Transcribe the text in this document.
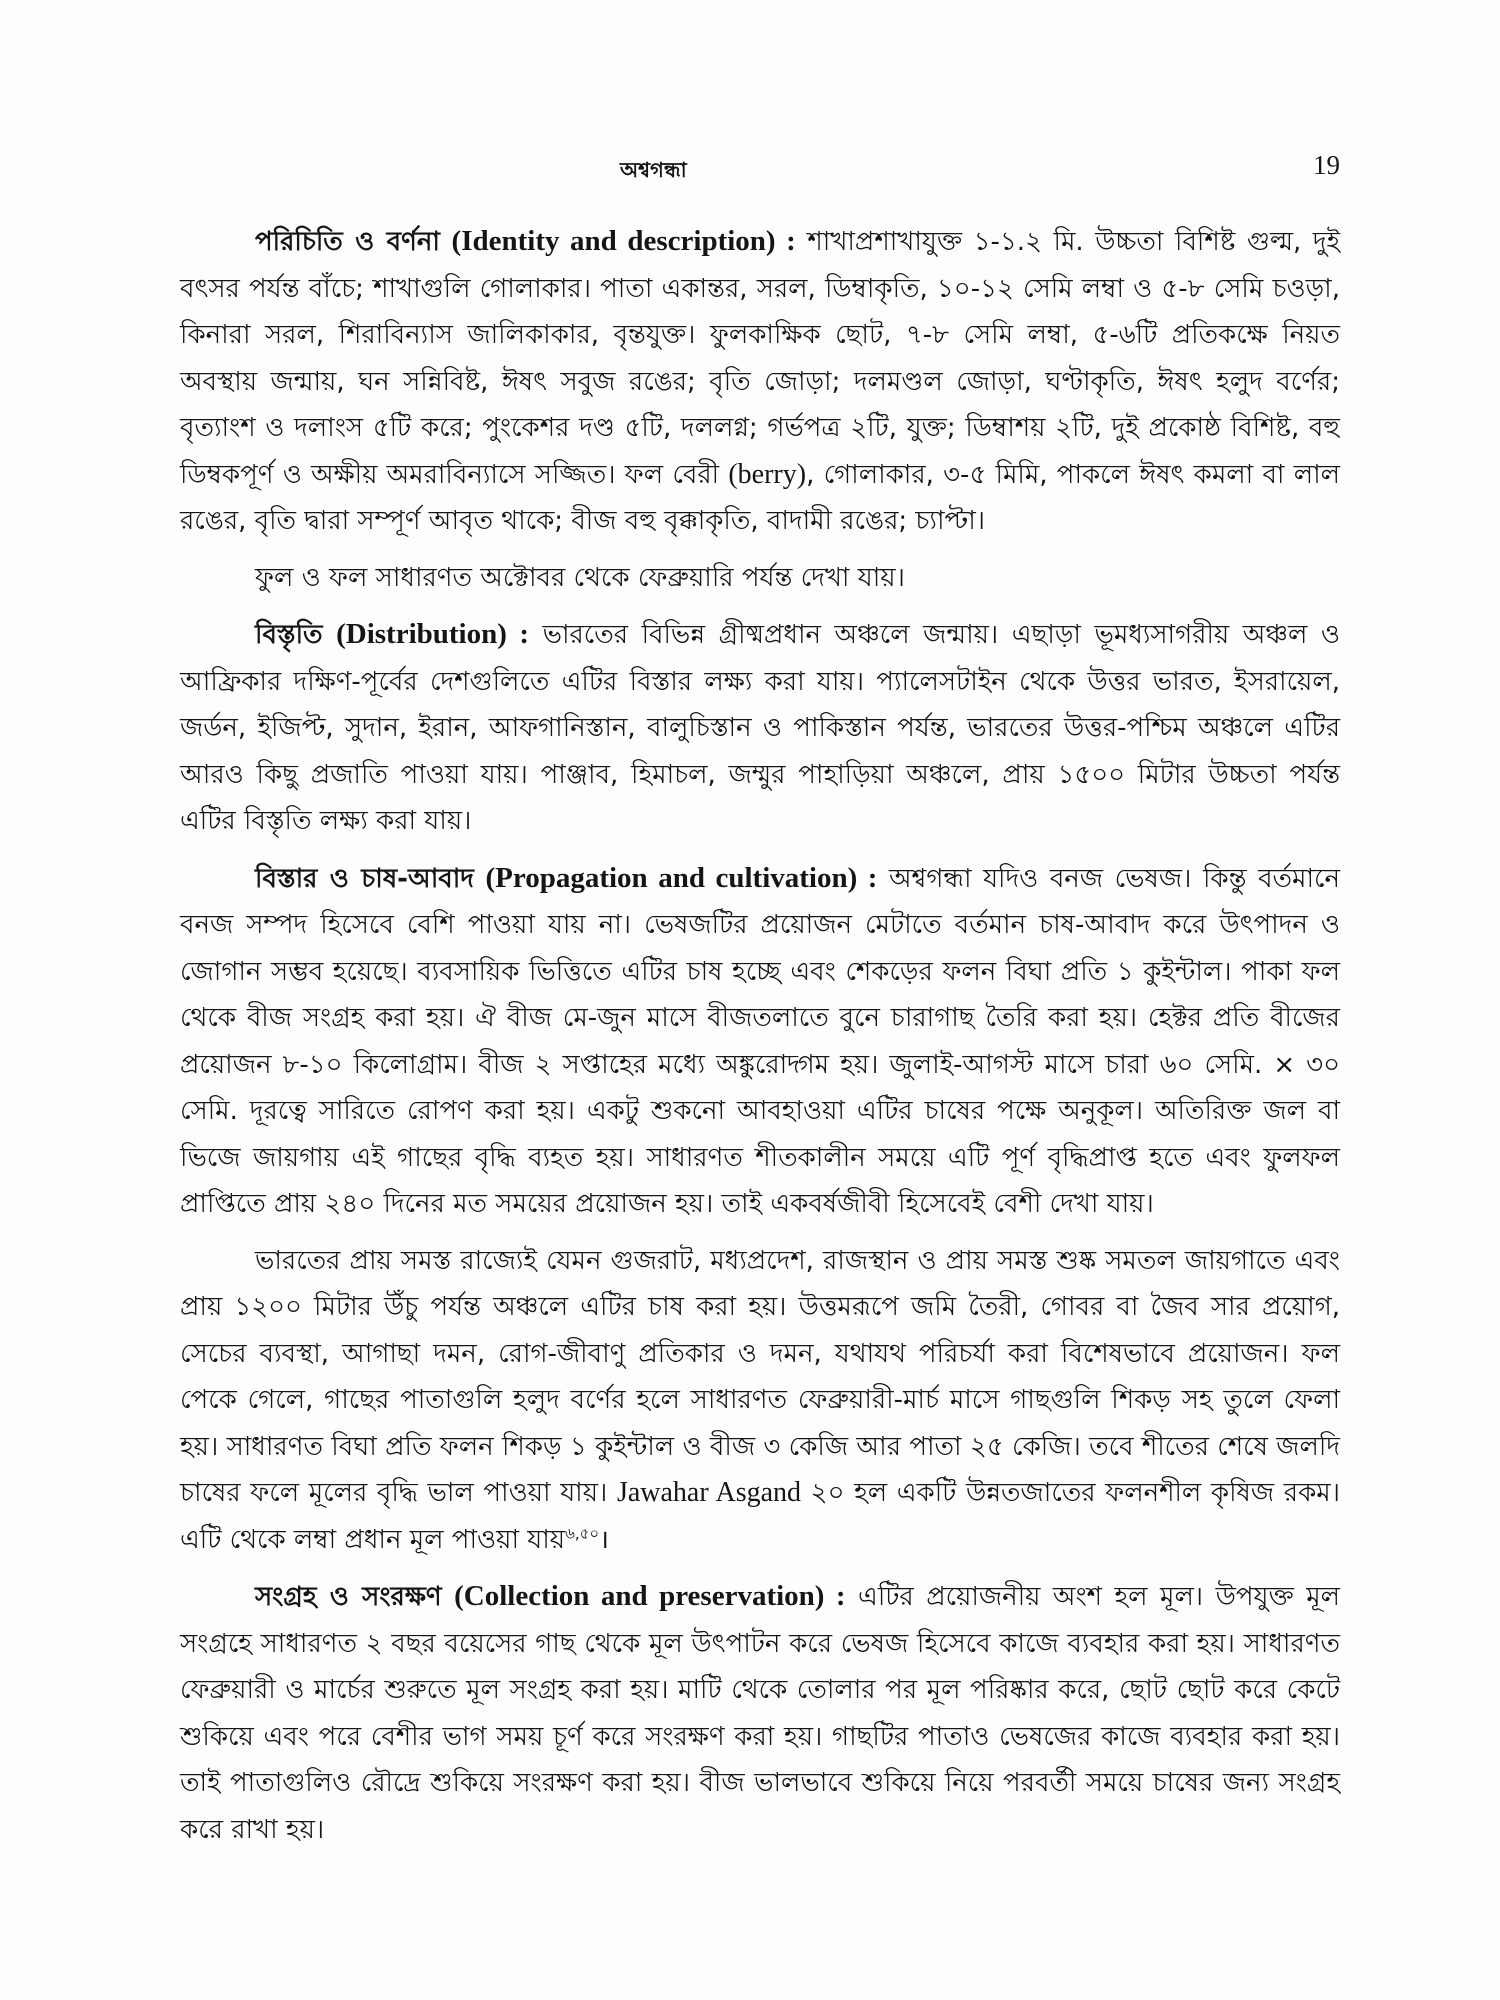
অশ্বগন্ধা	19

পরিচিতি ও বর্ণনা (Identity and description) : শাখাপ্রশাখাযুক্ত ১-১.২ মি. উচ্চতা বিশিষ্ট গুল্ম, দুই বৎসর পর্যন্ত বাঁচে; শাখাগুলি গোলাকার। পাতা একান্তর, সরল, ডিম্বাকৃতি, ১০-১২ সেমি লম্বা ও ৫-৮ সেমি চওড়া, কিনারা সরল, শিরাবিন্যাস জালিকাকার, বৃন্তযুক্ত। ফুলকাক্ষিক ছোট, ৭-৮ সেমি লম্বা, ৫-৬টি প্রতিকক্ষে নিয়ত অবস্থায় জন্মায়, ঘন সন্নিবিষ্ট, ঈষৎ সবুজ রঙের; বৃতি জোড়া; দলমণ্ডল জোড়া, ঘণ্টাকৃতি, ঈষৎ হলুদ বর্ণের; বৃত্যাংশ ও দলাংস ৫টি করে; পুংকেশর দণ্ড ৫টি, দললগ্ন; গর্ভপত্র ২টি, যুক্ত; ডিম্বাশয় ২টি, দুই প্রকোষ্ঠ বিশিষ্ট, বহু ডিম্বকপূর্ণ ও অক্ষীয় অমরাবিন্যাসে সজ্জিত। ফল বেরী (berry), গোলাকার, ৩-৫ মিমি, পাকলে ঈষৎ কমলা বা লাল রঙের, বৃতি দ্বারা সম্পূর্ণ আবৃত থাকে; বীজ বহু বৃক্কাকৃতি, বাদামী রঙের; চ্যাপ্টা।

ফুল ও ফল সাধারণত অক্টোবর থেকে ফেব্রুয়ারি পর্যন্ত দেখা যায়।

বিস্তৃতি (Distribution) : ভারতের বিভিন্ন গ্রীষ্মপ্রধান অঞ্চলে জন্মায়। এছাড়া ভূমধ্যসাগরীয় অঞ্চল ও আফ্রিকার দক্ষিণ-পূর্বের দেশগুলিতে এটির বিস্তার লক্ষ্য করা যায়। প্যালেসটাইন থেকে উত্তর ভারত, ইসরায়েল, জর্ডন, ইজিপ্ট, সুদান, ইরান, আফগানিস্তান, বালুচিস্তান ও পাকিস্তান পর্যন্ত, ভারতের উত্তর-পশ্চিম অঞ্চলে এটির আরও কিছু প্রজাতি পাওয়া যায়। পাঞ্জাব, হিমাচল, জম্মুর পাহাড়িয়া অঞ্চলে, প্রায় ১৫০০ মিটার উচ্চতা পর্যন্ত এটির বিস্তৃতি লক্ষ্য করা যায়।

বিস্তার ও চাষ-আবাদ (Propagation and cultivation) : অশ্বগন্ধা যদিও বনজ ভেষজ। কিন্তু বর্তমানে বনজ সম্পদ হিসেবে বেশি পাওয়া যায় না। ভেষজটির প্রয়োজন মেটাতে বর্তমান চাষ-আবাদ করে উৎপাদন ও জোগান সম্ভব হয়েছে। ব্যবসায়িক ভিত্তিতে এটির চাষ হচ্ছে এবং শেকড়ের ফলন বিঘা প্রতি ১ কুইন্টাল। পাকা ফল থেকে বীজ সংগ্রহ করা হয়। ঐ বীজ মে-জুন মাসে বীজতলাতে বুনে চারাগাছ তৈরি করা হয়। হেক্টর প্রতি বীজের প্রয়োজন ৮-১০ কিলোগ্রাম। বীজ ২ সপ্তাহের মধ্যে অঙ্কুরোদ্গম হয়। জুলাই-আগস্ট মাসে চারা ৬০ সেমি. × ৩০ সেমি. দূরত্বে সারিতে রোপণ করা হয়। একটু শুকনো আবহাওয়া এটির চাষের পক্ষে অনুকূল। অতিরিক্ত জল বা ভিজে জায়গায় এই গাছের বৃদ্ধি ব্যহত হয়। সাধারণত শীতকালীন সময়ে এটি পূর্ণ বৃদ্ধিপ্রাপ্ত হতে এবং ফুলফল প্রাপ্তিতে প্রায় ২৪০ দিনের মত সময়ের প্রয়োজন হয়। তাই একবর্ষজীবী হিসেবেই বেশী দেখা যায়।

ভারতের প্রায় সমস্ত রাজ্যেই যেমন গুজরাট, মধ্যপ্রদেশ, রাজস্থান ও প্রায় সমস্ত শুষ্ক সমতল জায়গাতে এবং প্রায় ১২০০ মিটার উঁচু পর্যন্ত অঞ্চলে এটির চাষ করা হয়। উত্তমরূপে জমি তৈরী, গোবর বা জৈব সার প্রয়োগ, সেচের ব্যবস্থা, আগাছা দমন, রোগ-জীবাণু প্রতিকার ও দমন, যথাযথ পরিচর্যা করা বিশেষভাবে প্রয়োজন। ফল পেকে গেলে, গাছের পাতাগুলি হলুদ বর্ণের হলে সাধারণত ফেব্রুয়ারী-মার্চ মাসে গাছগুলি শিকড় সহ তুলে ফেলা হয়। সাধারণত বিঘা প্রতি ফলন শিকড় ১ কুইন্টাল ও বীজ ৩ কেজি আর পাতা ২৫ কেজি। তবে শীতের শেষে জলদি চাষের ফলে মূলের বৃদ্ধি ভাল পাওয়া যায়। Jawahar Asgand ২০ হল একটি উন্নতজাতের ফলনশীল কৃষিজ রকম। এটি থেকে লম্বা প্রধান মূল পাওয়া যায়$^{৬,৫০}$।

সংগ্রহ ও সংরক্ষণ (Collection and preservation) : এটির প্রয়োজনীয় অংশ হল মূল। উপযুক্ত মূল সংগ্রহে সাধারণত ২ বছর বয়েসের গাছ থেকে মূল উৎপাটন করে ভেষজ হিসেবে কাজে ব্যবহার করা হয়। সাধারণত ফেব্রুয়ারী ও মার্চের শুরুতে মূল সংগ্রহ করা হয়। মাটি থেকে তোলার পর মূল পরিষ্কার করে, ছোট ছোট করে কেটে শুকিয়ে এবং পরে বেশীর ভাগ সময় চূর্ণ করে সংরক্ষণ করা হয়। গাছটির পাতাও ভেষজের কাজে ব্যবহার করা হয়। তাই পাতাগুলিও রৌদ্রে শুকিয়ে সংরক্ষণ করা হয়। বীজ ভালভাবে শুকিয়ে নিয়ে পরবর্তী সময়ে চাষের জন্য সংগ্রহ করে রাখা হয়।
